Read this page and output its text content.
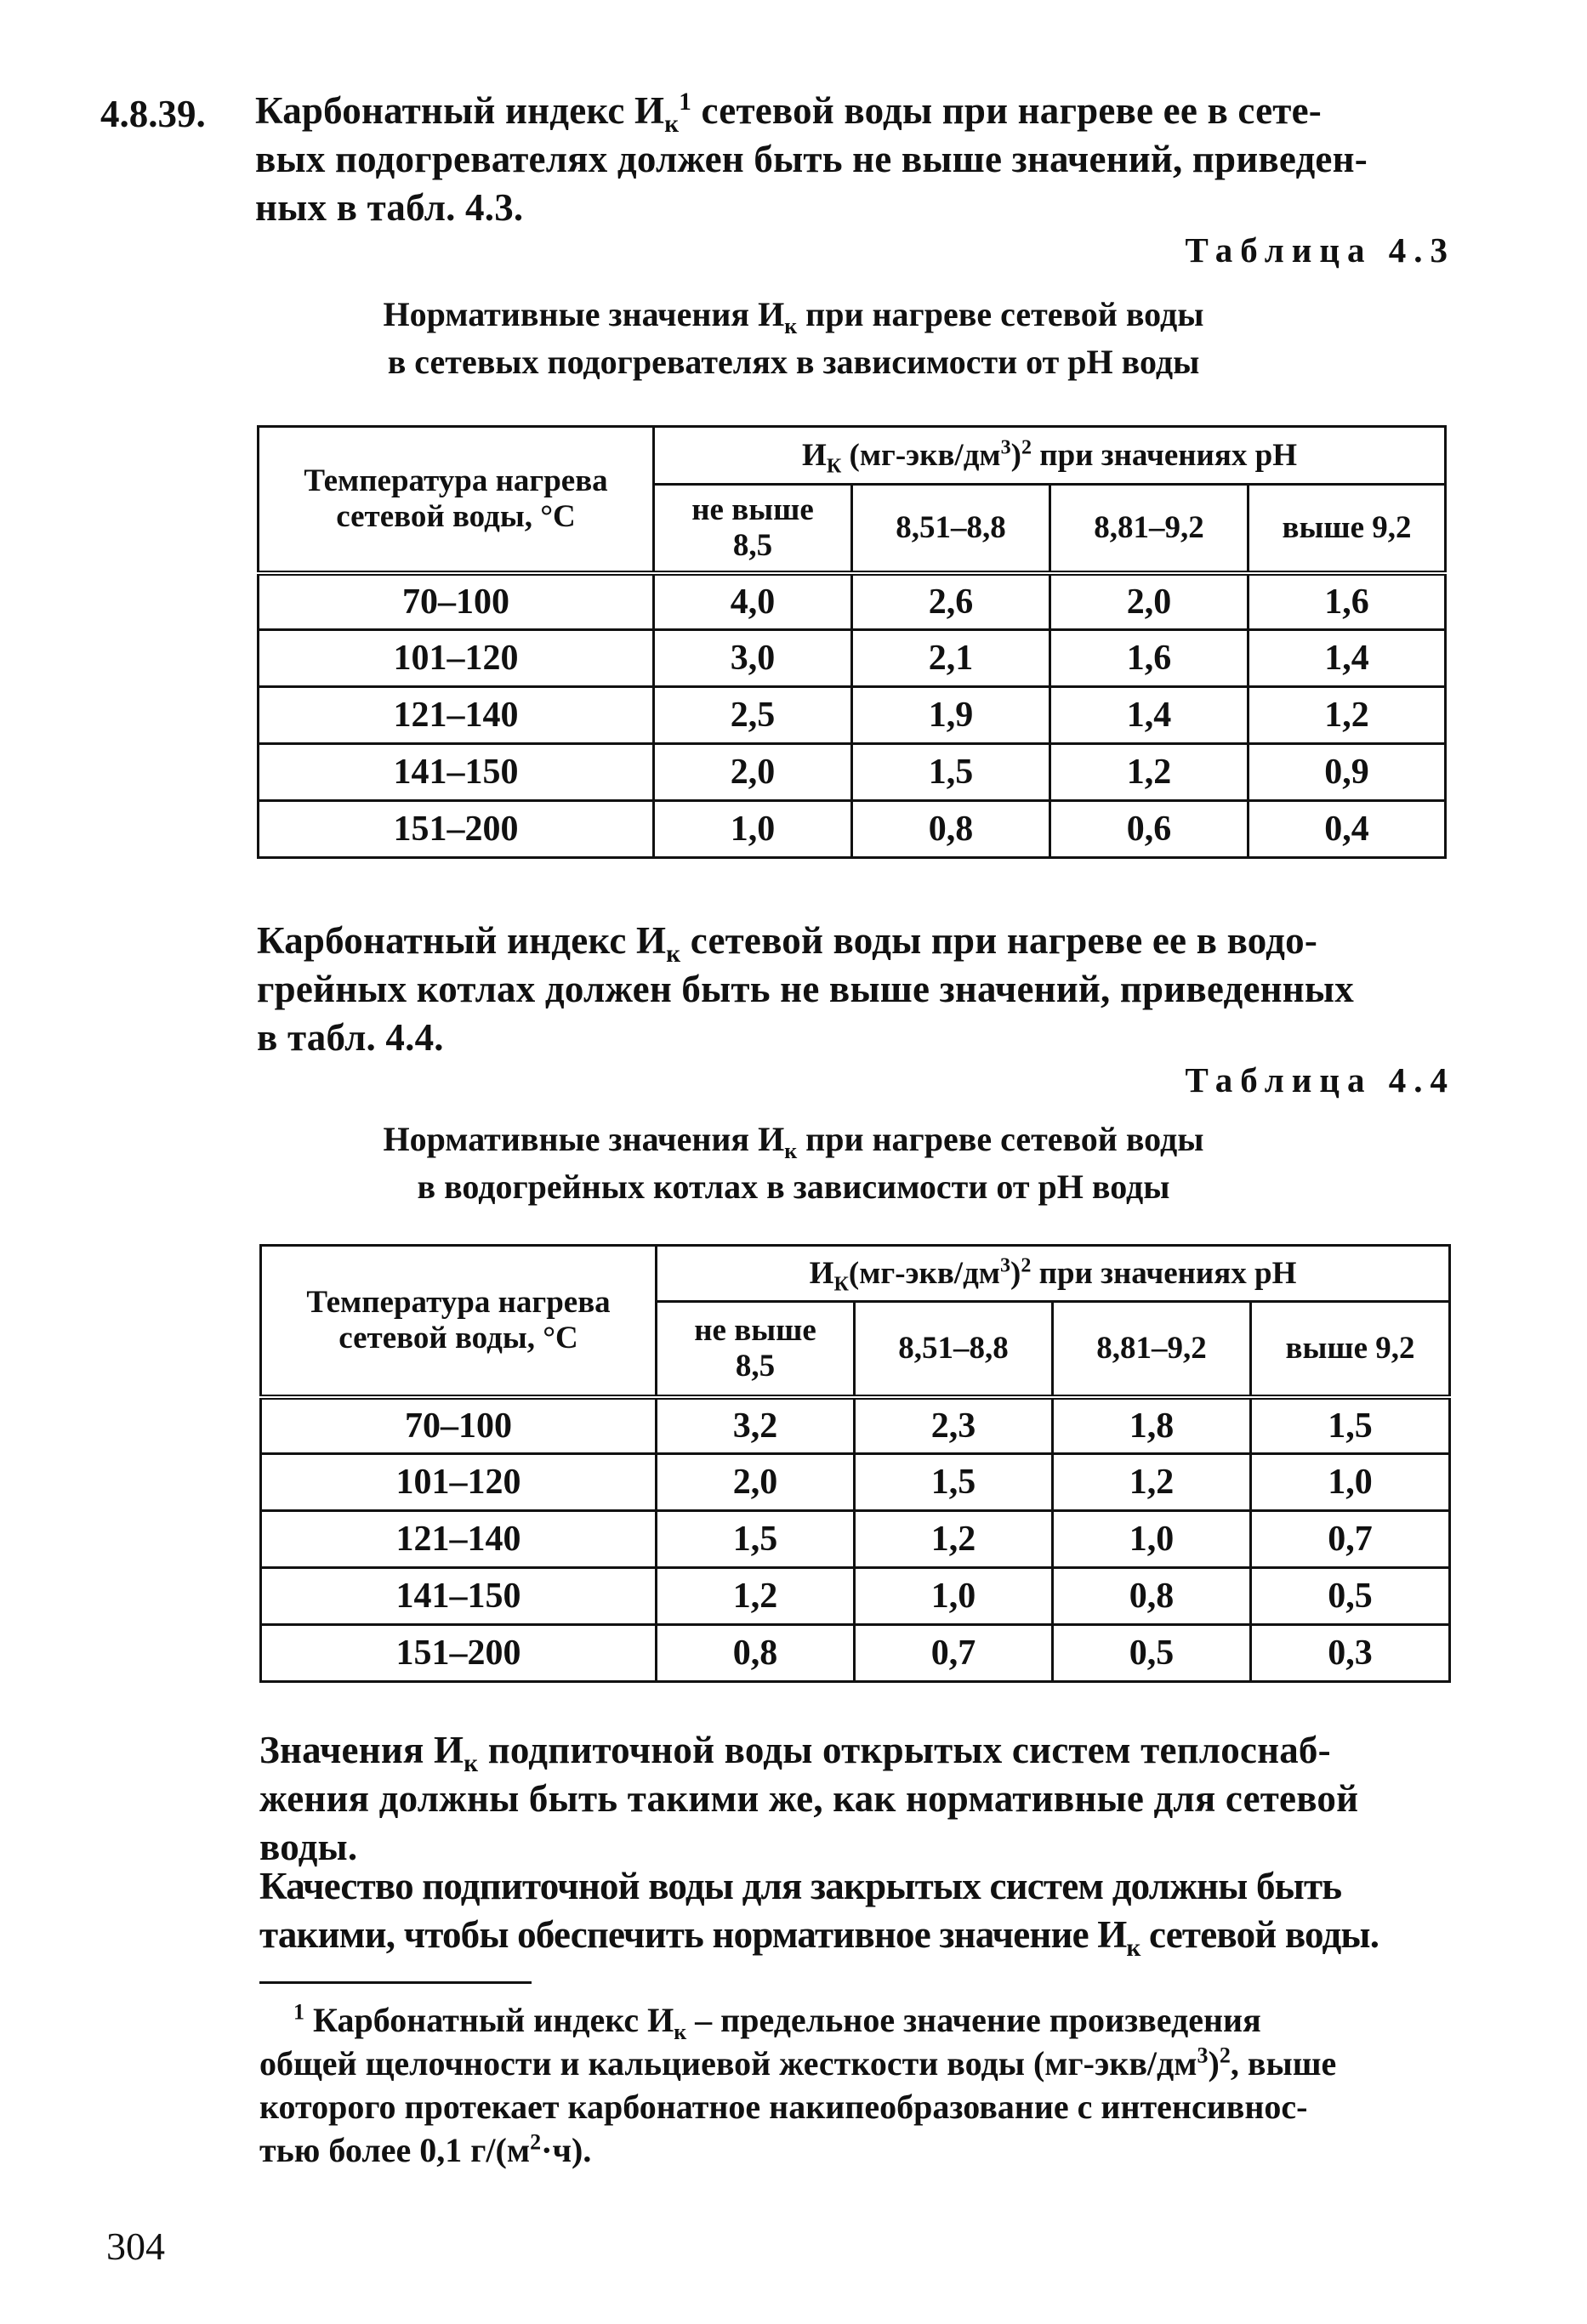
4.8.39. Карбонатный индекс $И_к^1$ сетевой воды при нагреве ее в сете-
вых подогревателях должен быть не выше значений, приведен-
ных в табл. 4.3.
Таблица 4.3
Нормативные значения $И_к$ при нагреве сетевой воды
в сетевых подогревателях в зависимости от рН воды
Температура нагрева сетевой воды, °С	$И_К$ $(мг-экв/дм^3)^2$ при значениях рН			
	не выше 8,5	8,51–8,8	8,81–9,2	выше 9,2
70–100	4,0	2,6	2,0	1,6
101–120	3,0	2,1	1,6	1,4
121–140	2,5	1,9	1,4	1,2
141–150	2,0	1,5	1,2	0,9
151–200	1,0	0,8	0,6	0,4
Карбонатный индекс $И_к$ сетевой воды при нагреве ее в водо-
грейных котлах должен быть не выше значений, приведенных
в табл. 4.4.
Таблица 4.4
Нормативные значения $И_к$ при нагреве сетевой воды
в водогрейных котлах в зависимости от рН воды
Температура нагрева сетевой воды, °С	$И_К(мг-экв/дм^3)^2$ при значениях рН			
	не выше 8,5	8,51–8,8	8,81–9,2	выше 9,2
70–100	3,2	2,3	1,8	1,5
101–120	2,0	1,5	1,2	1,0
121–140	1,5	1,2	1,0	0,7
141–150	1,2	1,0	0,8	0,5
151–200	0,8	0,7	0,5	0,3
Значения $И_к$ подпиточной воды открытых систем теплоснаб-
жения должны быть такими же, как нормативные для сетевой
воды.
Качество подпиточной воды для закрытых систем должны быть
такими, чтобы обеспечить нормативное значение $И_к$ сетевой воды.
$^1$ Карбонатный индекс $И_к$ – предельное значение произведения
общей щелочности и кальциевой жесткости воды $(мг-экв/дм^3)^2$, выше
которого протекает карбонатное накипеобразование с интенсивнос-
тью более 0,1 $г/(м^2\cdot ч)$.
304
